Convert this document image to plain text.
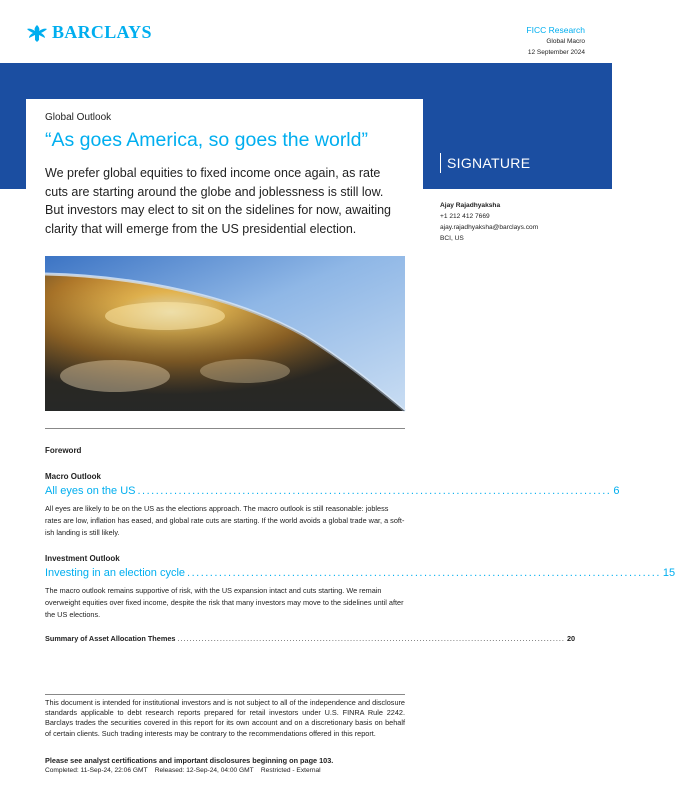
BARCLAYS	FICC Research
Global Macro
12 September 2024
SIGNATURE
Global Outlook
“As goes America, so goes the world”
We prefer global equities to fixed income once again, as rate cuts are starting around the globe and joblessness is still low. But investors may elect to sit on the sidelines for now, awaiting clarity that will emerge from the US presidential election.
Foreword
Macro Outlook
All eyes on the US ........................................................................................................ 6
All eyes are likely to be on the US as the elections approach. The macro outlook is still reasonable: jobless rates are low, inflation has eased, and global rate cuts are starting. If the world avoids a global trade war, a soft-ish landing is still likely.
Investment Outlook
Investing in an election cycle ........................................................................................................ 15
The macro outlook remains supportive of risk, with the US expansion intact and cuts starting. We remain overweight equities over fixed income, despite the risk that many investors may move to the sidelines until after the US elections.
Summary of Asset Allocation Themes ................................................................................................................................ 20
This document is intended for institutional investors and is not subject to all of the independence and disclosure standards applicable to debt research reports prepared for retail investors under U.S. FINRA Rule 2242. Barclays trades the securities covered in this report for its own account and on a discretionary basis on behalf of certain clients. Such trading interests may be contrary to the recommendations offered in this report.
Please see analyst certifications and important disclosures beginning on page 103.
Completed: 11-Sep-24, 22:06 GMT Released: 12-Sep-24, 04:00 GMT Restricted - External
Ajay Rajadhyaksha
+1 212 412 7669
ajay.rajadhyaksha@barclays.com
BCI, US
